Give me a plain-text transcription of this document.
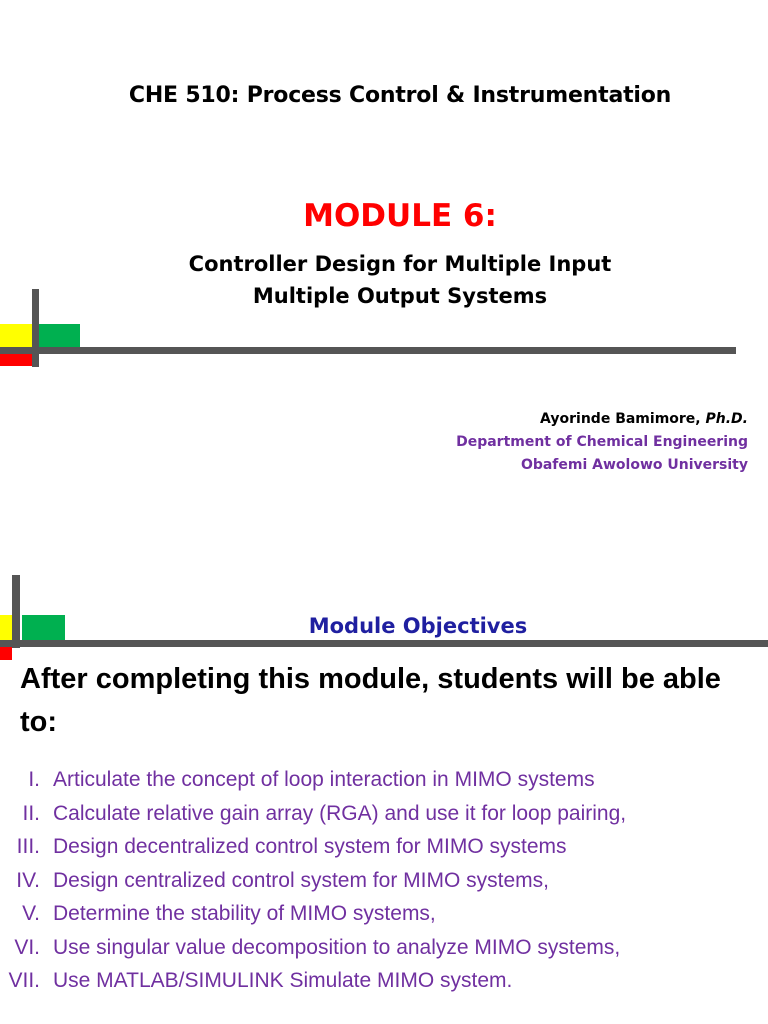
CHE 510: Process Control & Instrumentation
MODULE 6:
Controller Design for Multiple Input
Multiple Output Systems
Ayorinde Bamimore, Ph.D.
Department of Chemical Engineering
Obafemi Awolowo University
Module Objectives
After completing this module, students will be able to:
I. Articulate the concept of loop interaction in MIMO systems
II. Calculate relative gain array (RGA) and use it for loop pairing,
III. Design decentralized control system for MIMO systems
IV. Design centralized control system for MIMO systems,
V. Determine the stability of MIMO systems,
VI. Use singular value decomposition to analyze MIMO systems,
VII. Use MATLAB/SIMULINK Simulate MIMO system.
